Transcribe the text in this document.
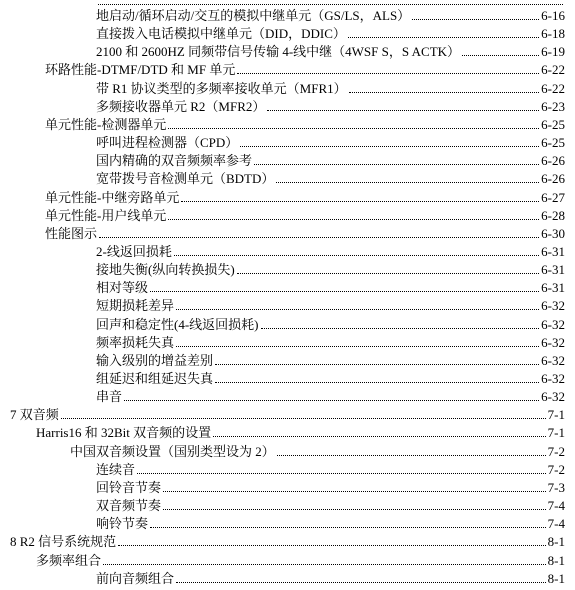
地启动/循环启动/交互的模拟中继单元（GS/LS，ALS）	6-16
直接拨入电话模拟中继单元（DID，DDIC）	6-18
2100 和 2600HZ 同频带信号传输 4-线中继（4WSF S，S ACTK）	6-19
环路性能-DTMF/DTD 和 MF 单元	6-22
带 R1 协议类型的多频率接收单元（MFR1）	6-22
多频接收器单元 R2（MFR2）	6-23
单元性能-检测器单元	6-25
呼叫进程检测器（CPD）	6-25
国内精确的双音频频率参考	6-26
宽带拨号音检测单元（BDTD）	6-26
单元性能-中继旁路单元	6-27
单元性能-用户线单元	6-28
性能图示	6-30
2-线返回损耗	6-31
接地失衡(纵向转换损失)	6-31
相对等级	6-31
短期损耗差异	6-32
回声和稳定性(4-线返回损耗)	6-32
频率损耗失真	6-32
输入级别的增益差别	6-32
组延迟和组延迟失真	6-32
串音	6-32
7 双音频	7-1
Harris16 和 32Bit 双音频的设置	7-1
中国双音频设置（国别类型设为 2）	7-2
连续音	7-2
回铃音节奏	7-3
双音频节奏	7-4
响铃节奏	7-4
8 R2 信号系统规范	8-1
多频率组合	8-1
前向音频组合	8-1
